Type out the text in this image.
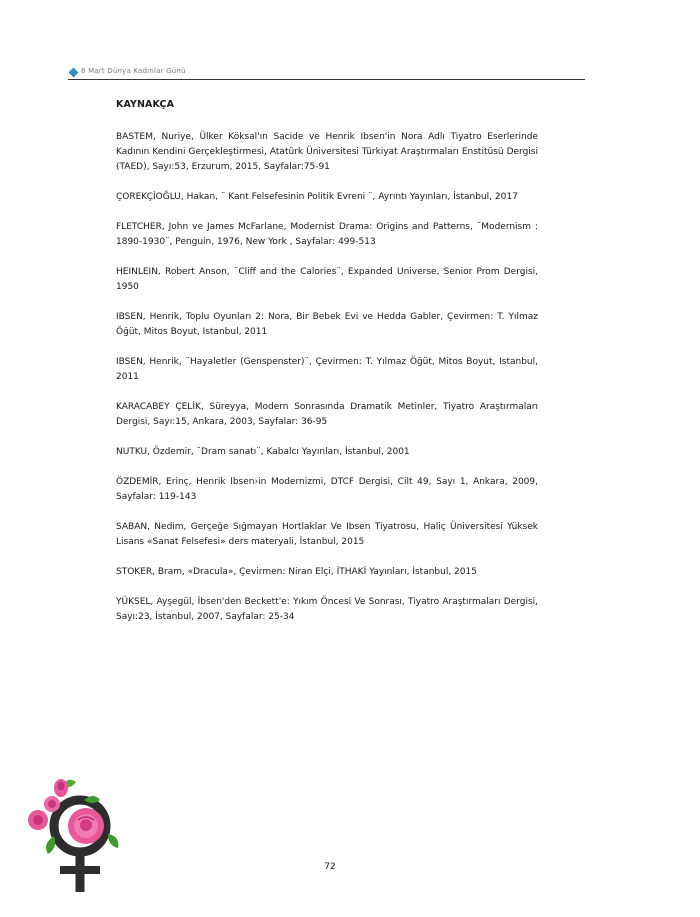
8 Mart Dünya Kadınlar Günü
KAYNAKÇA

BASTEM, Nuriye, Ülker Köksal'ın Sacide ve Henrik Ibsen'in Nora Adlı Tiyatro Eserlerinde Kadının Kendini Gerçekleştirmesi, Atatürk Üniversitesi Türkiyat Araştırmaları Enstitüsü Dergisi (TAED), Sayı:53, Erzurum, 2015, Sayfalar:75-91

ÇOREKÇİOĞLU, Hakan, ¨ Kant Felsefesinin Politik Evreni ¨, Ayrıntı Yayınları, İstanbul, 2017

FLETCHER, John ve James McFarlane, Modernist Drama: Origins and Patterns, ¨Modernism : 1890-1930¨, Penguin, 1976, New York , Sayfalar: 499-513

HEINLEIN, Robert Anson, ¨Cliff and the Calories¨, Expanded Universe, Senior Prom Dergisi, 1950

IBSEN, Henrik, Toplu Oyunları 2: Nora, Bir Bebek Evi ve Hedda Gabler, Çevirmen: T. Yılmaz Öğüt, Mitos Boyut, Istanbul, 2011

IBSEN, Henrik, ¨Hayaletler (Genspenster)¨, Çevirmen: T. Yılmaz Öğüt, Mitos Boyut, Istanbul, 2011

KARACABEY ÇELİK, Süreyya, Modern Sonrasında Dramatik Metinler, Tiyatro Araştırmaları Dergisi, Sayı:15, Ankara, 2003, Sayfalar: 36-95

NUTKU, Özdemir, ¨Dram sanatı¨, Kabalcı Yayınları, İstanbul, 2001

ÖZDEMİR, Erinç, Henrik Ibsen›in Modernizmi, DTCF Dergisi, Cilt 49, Sayı 1, Ankara, 2009, Sayfalar: 119-143

SABAN, Nedim, Gerçeğe Sığmayan Hortlaklar Ve Ibsen Tiyatrosu, Haliç Üniversitesi Yüksek Lisans «Sanat Felsefesi» ders materyali, İstanbul, 2015

STOKER, Bram, «Dracula», Çevirmen: Niran Elçi, İTHAKİ Yayınları, İstanbul, 2015

YÜKSEL, Ayşegül, İbsen'den Beckett'e: Yıkım Öncesi Ve Sonrası, Tiyatro Araştırmaları Dergisi, Sayı:23, İstanbul, 2007, Sayfalar: 25-34

72
